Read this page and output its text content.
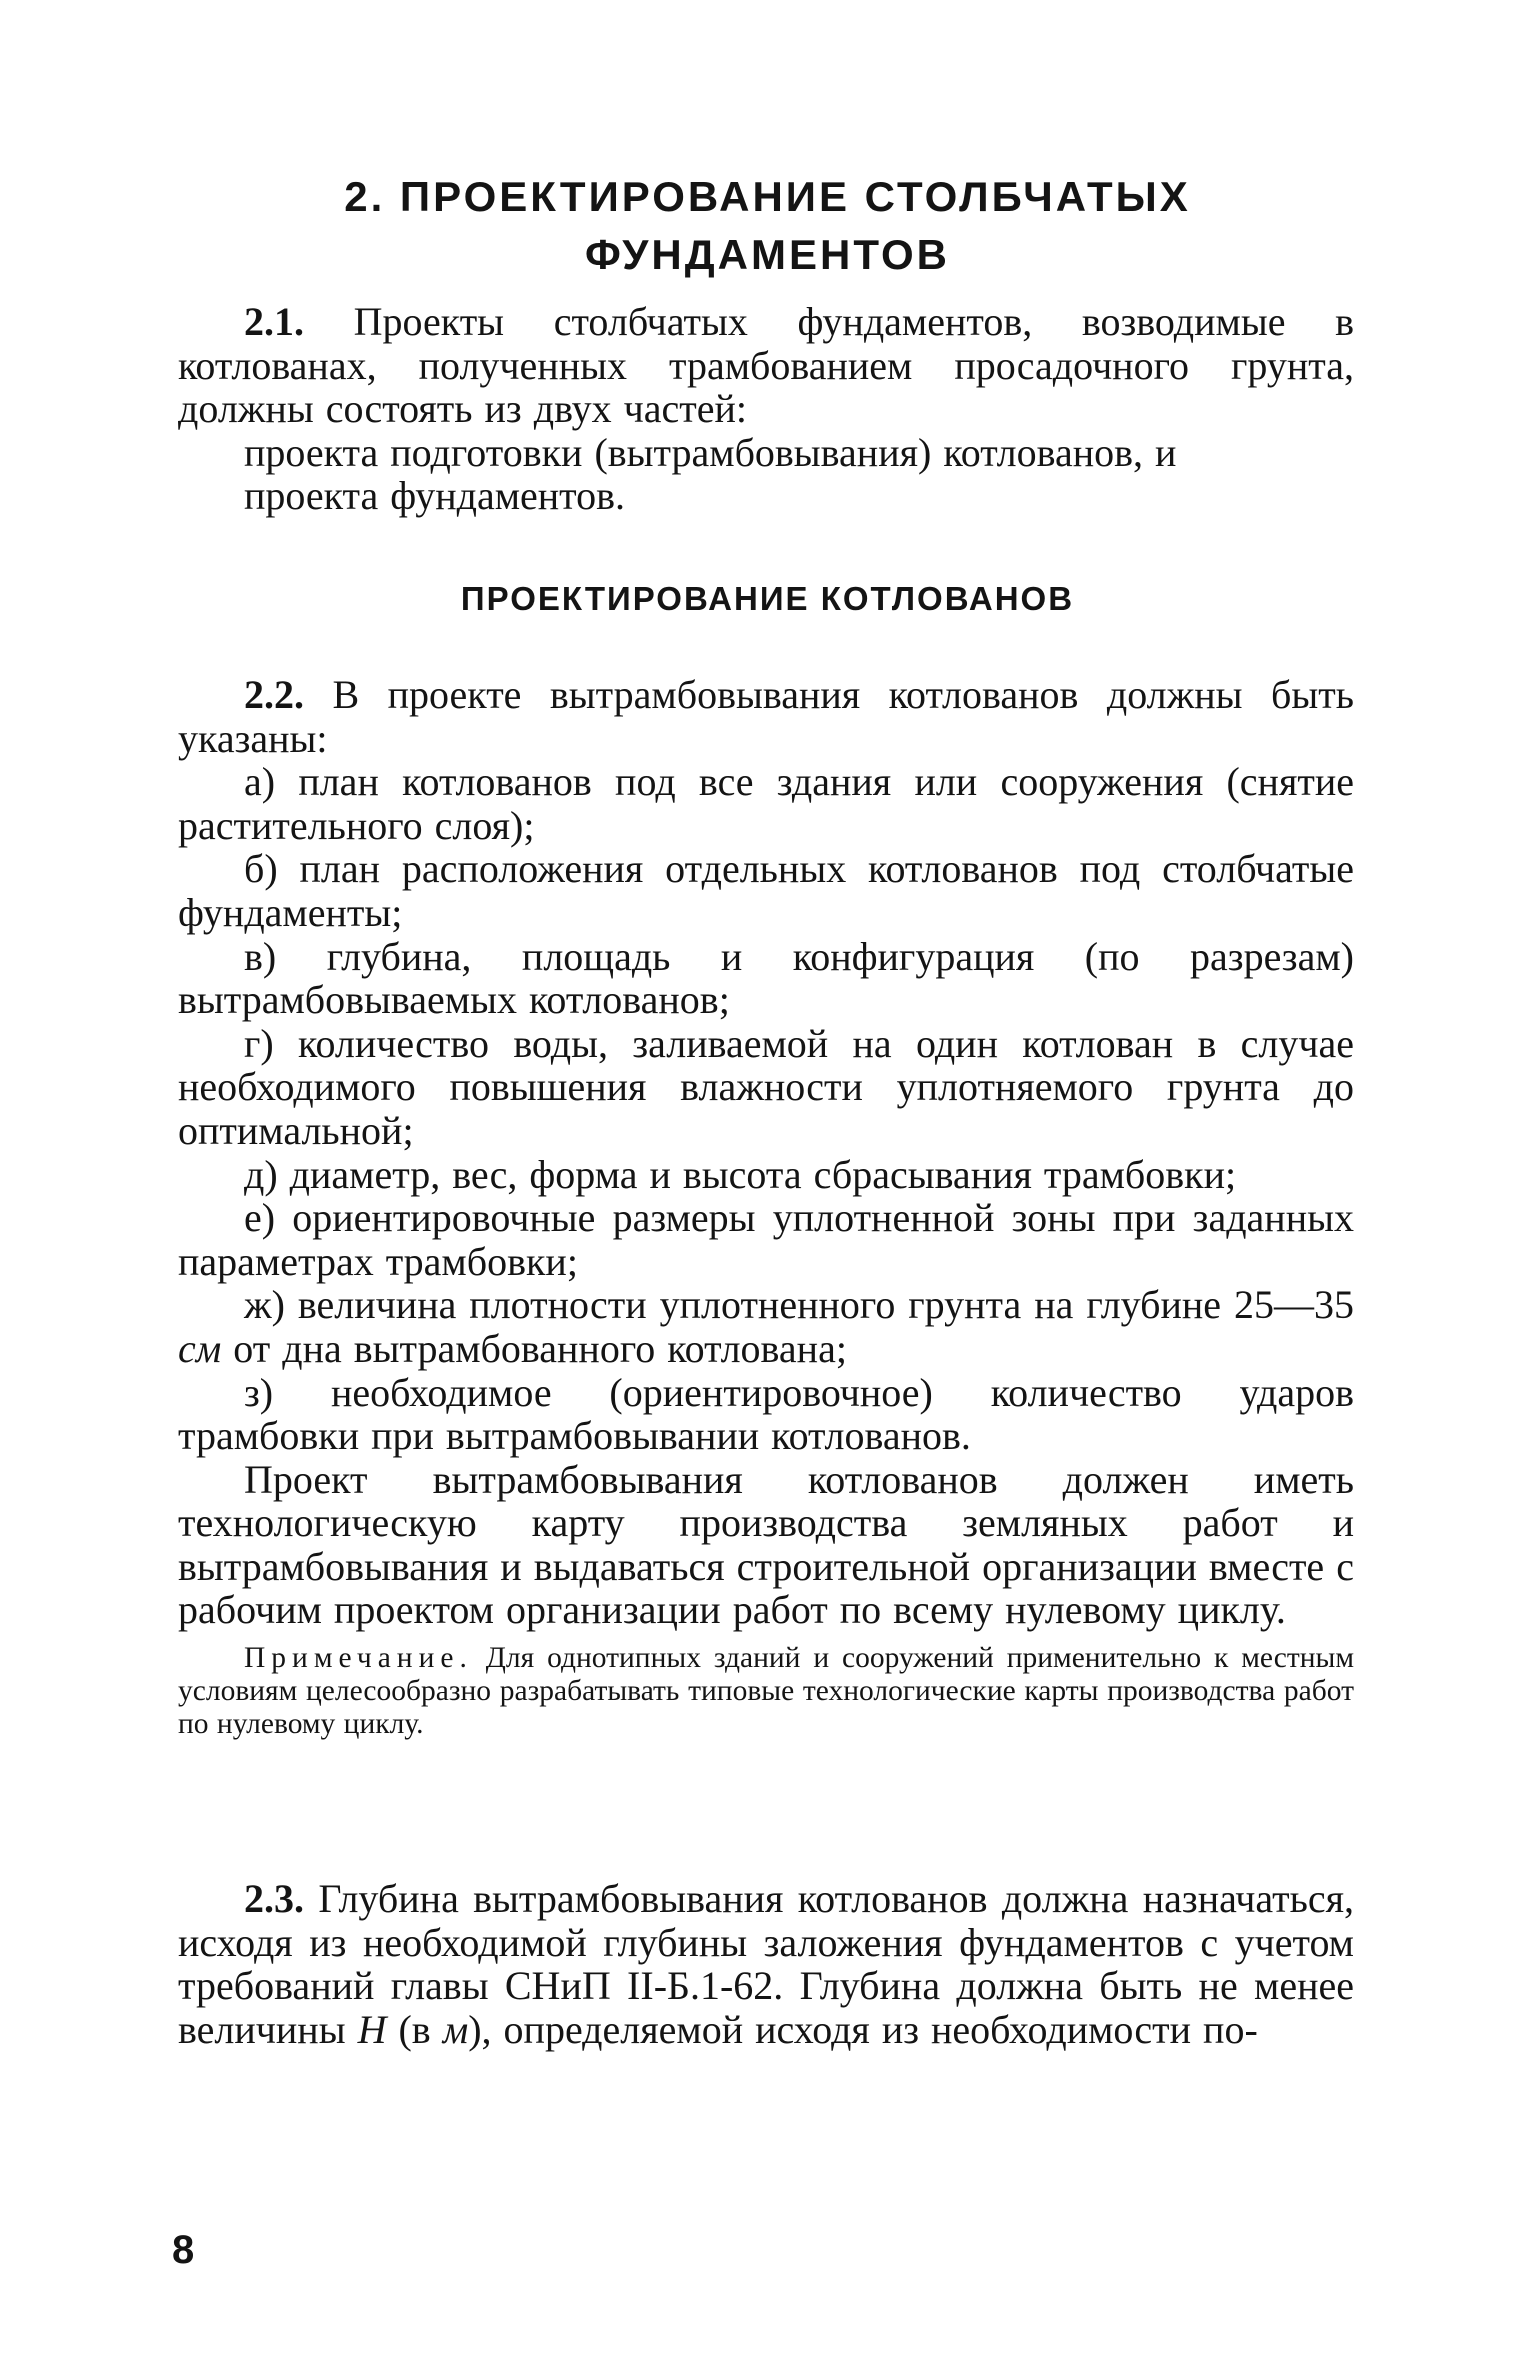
2. ПРОЕКТИРОВАНИЕ СТОЛБЧАТЫХ
ФУНДАМЕНТОВ

2.1. Проекты столбчатых фундаментов, возводимые в котлованах, полученных трамбованием просадочного грунта, должны состоять из двух частей:

проекта подготовки (вытрамбовывания) котлованов, и

проекта фундаментов.

ПРОЕКТИРОВАНИЕ КОТЛОВАНОВ

2.2. В проекте вытрамбовывания котлованов должны быть указаны:

а) план котлованов под все здания или сооружения (снятие растительного слоя);

б) план расположения отдельных котлованов под столбчатые фундаменты;

в) глубина, площадь и конфигурация (по разрезам) вытрамбовываемых котлованов;

г) количество воды, заливаемой на один котлован в случае необходимого повышения влажности уплотняемого грунта до оптимальной;

д) диаметр, вес, форма и высота сбрасывания трамбовки;

е) ориентировочные размеры уплотненной зоны при заданных параметрах трамбовки;

ж) величина плотности уплотненного грунта на глубине 25—35 см от дна вытрамбованного котлована;

з) необходимое (ориентировочное) количество ударов трамбовки при вытрамбовывании котлованов.

Проект вытрамбовывания котлованов должен иметь технологическую карту производства земляных работ и вытрамбовывания и выдаваться строительной организации вместе с рабочим проектом организации работ по всему нулевому циклу.

Примечание. Для однотипных зданий и сооружений применительно к местным условиям целесообразно разрабатывать типовые технологические карты производства работ по нулевому циклу.

2.3. Глубина вытрамбовывания котлованов должна назначаться, исходя из необходимой глубины заложения фундаментов с учетом требований главы СНиП II-Б.1-62. Глубина должна быть не менее величины H (в м), определяемой исходя из необходимости по-

8
